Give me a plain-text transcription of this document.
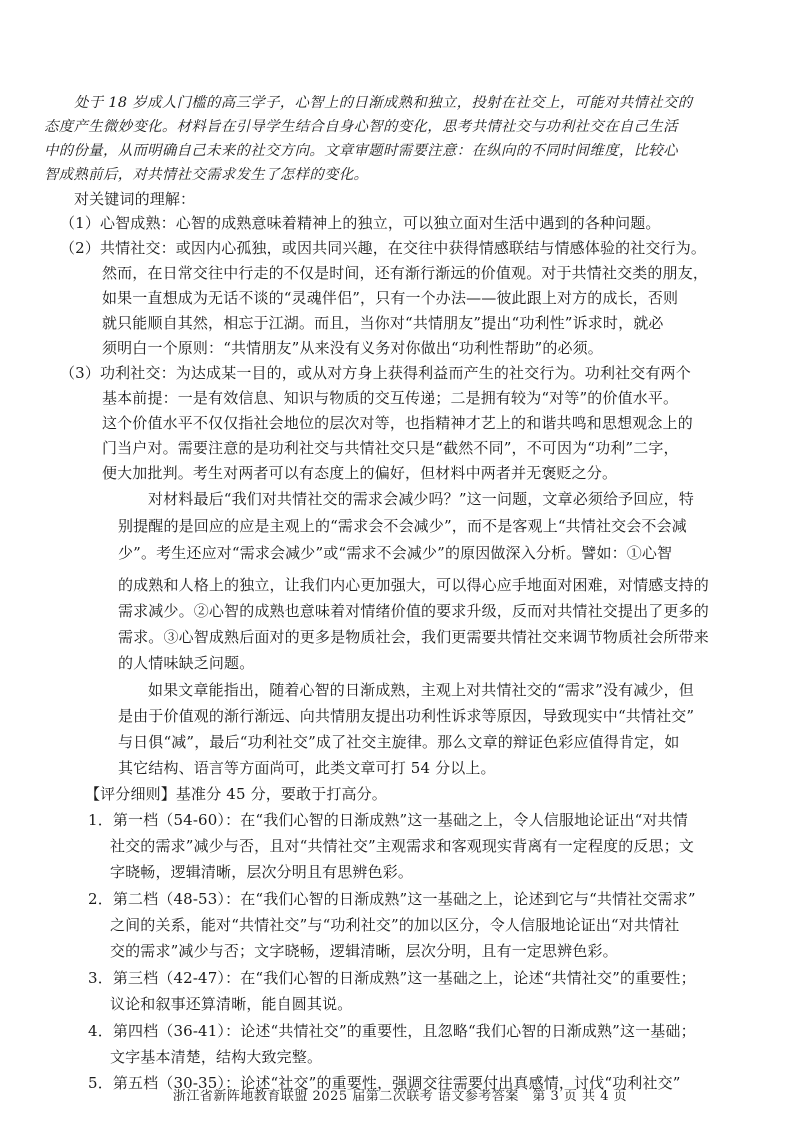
处于 18 岁成人门槛的高三学子，心智上的日渐成熟和独立，投射在社交上，可能对共情社交的
态度产生微妙变化。材料旨在引导学生结合自身心智的变化，思考共情社交与功利社交在自己生活
中的份量，从而明确自己未来的社交方向。文章审题时需要注意：在纵向的不同时间维度，比较心
智成熟前后，对共情社交需求发生了怎样的变化。
对关键词的理解：
（1）心智成熟：心智的成熟意味着精神上的独立，可以独立面对生活中遇到的各种问题。
（2）共情社交：或因内心孤独，或因共同兴趣，在交往中获得情感联结与情感体验的社交行为。
然而，在日常交往中行走的不仅是时间，还有渐行渐远的价值观。对于共情社交类的朋友，
如果一直想成为无话不谈的“灵魂伴侣”，只有一个办法——彼此跟上对方的成长，否则
就只能顺自其然，相忘于江湖。而且，当你对“共情朋友”提出“功利性”诉求时，就必
须明白一个原则：“共情朋友”从来没有义务对你做出“功利性帮助”的必须。
（3）功利社交：为达成某一目的，或从对方身上获得利益而产生的社交行为。功利社交有两个
基本前提：一是有效信息、知识与物质的交互传递；二是拥有较为“对等”的价值水平。
这个价值水平不仅仅指社会地位的层次对等，也指精神才艺上的和谐共鸣和思想观念上的
门当户对。需要注意的是功利社交与共情社交只是“截然不同”，不可因为“功利”二字，
便大加批判。考生对两者可以有态度上的偏好，但材料中两者并无褒贬之分。
对材料最后“我们对共情社交的需求会减少吗？”这一问题，文章必须给予回应，特
别提醒的是回应的应是主观上的“需求会不会减少”，而不是客观上“共情社交会不会减
少”。考生还应对“需求会减少”或“需求不会减少”的原因做深入分析。譬如：①心智
的成熟和人格上的独立，让我们内心更加强大，可以得心应手地面对困难，对情感支持的
需求减少。②心智的成熟也意味着对情绪价值的要求升级，反而对共情社交提出了更多的
需求。③心智成熟后面对的更多是物质社会，我们更需要共情社交来调节物质社会所带来
的人情味缺乏问题。
如果文章能指出，随着心智的日渐成熟，主观上对共情社交的“需求”没有减少，但
是由于价值观的渐行渐远、向共情朋友提出功利性诉求等原因，导致现实中“共情社交”
与日俱“减”，最后“功利社交”成了社交主旋律。那么文章的辩证色彩应值得肯定，如
其它结构、语言等方面尚可，此类文章可打 54 分以上。
【评分细则】基准分 45 分，要敢于打高分。
1．第一档（54-60）：在“我们心智的日渐成熟”这一基础之上，令人信服地论证出“对共情
社交的需求”减少与否，且对“共情社交”主观需求和客观现实背离有一定程度的反思；文
字晓畅，逻辑清晰，层次分明且有思辨色彩。
2．第二档（48-53）：在“我们心智的日渐成熟”这一基础之上，论述到它与“共情社交需求”
之间的关系，能对“共情社交”与“功利社交”的加以区分，令人信服地论证出“对共情社
交的需求”减少与否；文字晓畅，逻辑清晰，层次分明，且有一定思辨色彩。
3．第三档（42-47）：在“我们心智的日渐成熟”这一基础之上，论述“共情社交”的重要性；
议论和叙事还算清晰，能自圆其说。
4．第四档（36-41）：论述“共情社交”的重要性，且忽略“我们心智的日渐成熟”这一基础；
文字基本清楚，结构大致完整。
5．第五档（30-35）：论述“社交”的重要性，强调交往需要付出真感情，讨伐“功利社交”
浙江省新阵地教育联盟 2025 届第二次联考 语文参考答案　第 3 页 共 4 页
